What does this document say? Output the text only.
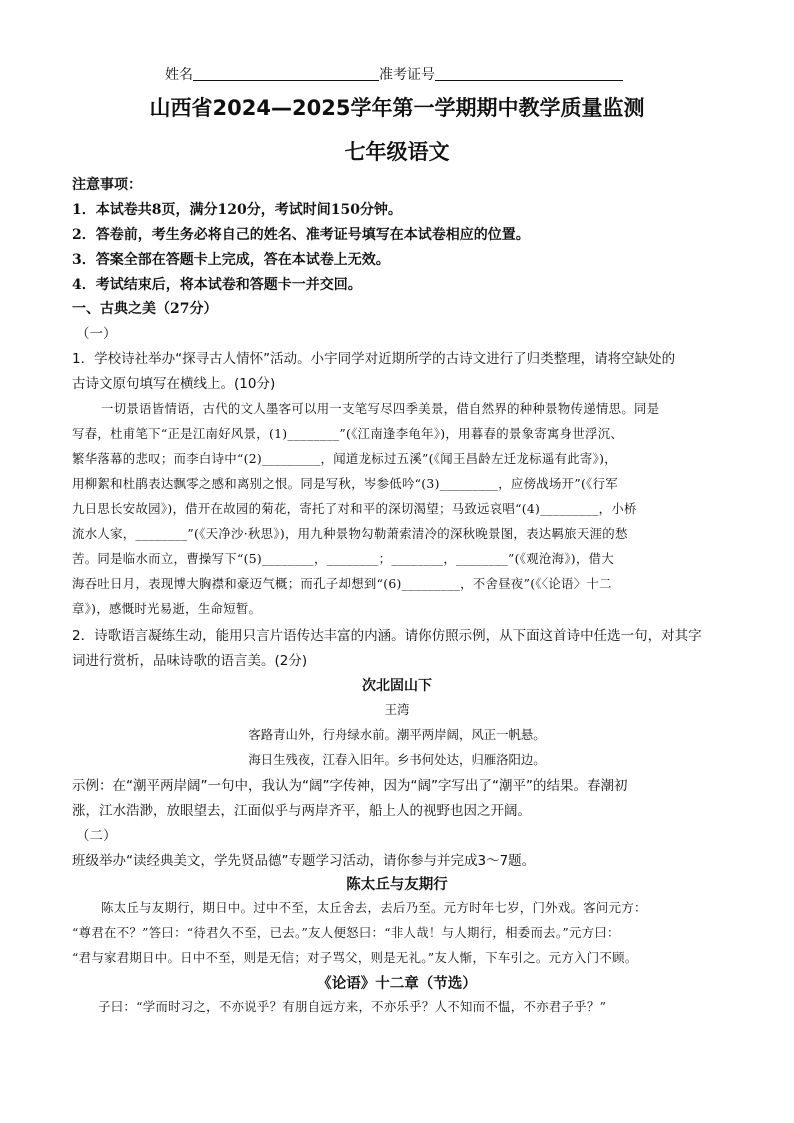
姓名	准考证号
山西省2024—2025学年第一学期期中教学质量监测
七年级语文
注意事项：
1．本试卷共8页，满分120分，考试时间150分钟。
2．答卷前，考生务必将自己的姓名、准考证号填写在本试卷相应的位置。
3．答案全部在答题卡上完成，答在本试卷上无效。
4．考试结束后，将本试卷和答题卡一并交回。
一、古典之美（27分）
（一）
1．学校诗社举办“探寻古人情怀”活动。小宇同学对近期所学的古诗文进行了归类整理，请将空缺处的
古诗文原句填写在横线上。(10分)
一切景语皆情语，古代的文人墨客可以用一支笔写尽四季美景，借自然界的种种景物传递情思。同是
写春，杜甫笔下“正是江南好风景，(1)________”(《江南逢李龟年》)，用暮春的景象寄寓身世浮沉、
繁华落幕的悲叹；而李白诗中“(2)_________，闻道龙标过五溪”(《闻王昌龄左迁龙标遥有此寄》)，
用柳絮和杜鹃表达飘零之感和离别之恨。同是写秋，岑参低吟“(3)_________，应傍战场开”(《行军
九日思长安故园》)，借开在故园的菊花，寄托了对和平的深切渴望；马致远哀唱“(4)_________，小桥
流水人家，________”(《天净沙·秋思》)，用九种景物勾勒萧索清冷的深秋晚景图，表达羁旅天涯的愁
苦。同是临水而立，曹操写下“(5)________，________；________，________”(《观沧海》)，借大
海吞吐日月，表现博大胸襟和豪迈气概；而孔子却想到“(6)_________，不舍昼夜”(《〈论语〉十二
章》)，感慨时光易逝，生命短暂。
2．诗歌语言凝练生动，能用只言片语传达丰富的内涵。请你仿照示例，从下面这首诗中任选一句，对其字
词进行赏析，品味诗歌的语言美。(2分)
次北固山下
王湾
客路青山外，行舟绿水前。潮平两岸阔，风正一帆悬。
海日生残夜，江春入旧年。乡书何处达，归雁洛阳边。
示例：在“潮平两岸阔”一句中，我认为“阔”字传神，因为“阔”字写出了“潮平”的结果。春潮初
涨，江水浩渺，放眼望去，江面似乎与两岸齐平，船上人的视野也因之开阔。
（二）
班级举办“读经典美文，学先贤品德”专题学习活动，请你参与并完成3～7题。
陈太丘与友期行
陈太丘与友期行，期日中。过中不至，太丘舍去，去后乃至。元方时年七岁，门外戏。客问元方：
“尊君在不？”答曰：“待君久不至，已去。”友人便怒曰：“非人哉！与人期行，相委而去。”元方曰：
“君与家君期日中。日中不至，则是无信；对子骂父，则是无礼。”友人惭，下车引之。元方入门不顾。
《论语》十二章（节选）
子曰：“学而时习之，不亦说乎？有朋自远方来，不亦乐乎？人不知而不愠，不亦君子乎？”
